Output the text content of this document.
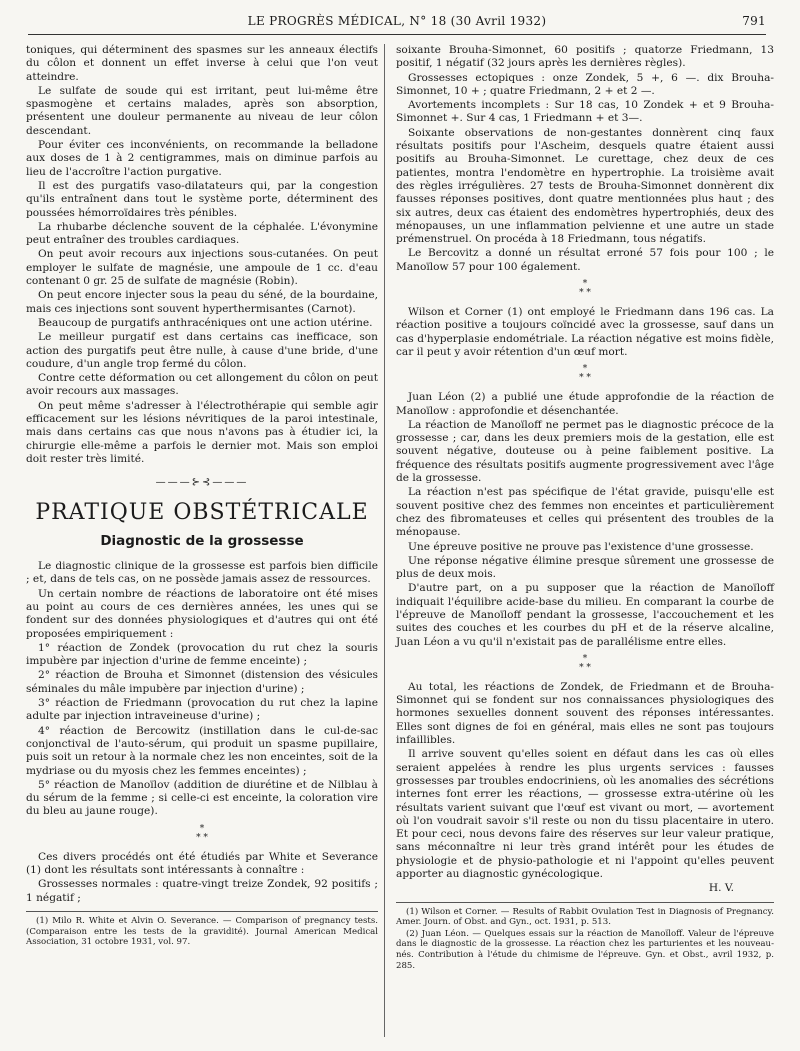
LE PROGRÈS MÉDICAL, N° 18 (30 Avril 1932)	791

toniques, qui déterminent des spasmes sur les anneaux électifs du côlon et donnent un effet inverse à celui que l'on veut atteindre.

Le sulfate de soude qui est irritant, peut lui-même être spasmogène et certains malades, après son absorption, présentent une douleur permanente au niveau de leur côlon descendant.

Pour éviter ces inconvénients, on recommande la belladone aux doses de 1 à 2 centigrammes, mais on diminue parfois au lieu de l'accroître l'action purgative.

Il est des purgatifs vaso-dilatateurs qui, par la congestion qu'ils entraînent dans tout le système porte, déterminent des poussées hémorroïdaires très pénibles.

La rhubarbe déclenche souvent de la céphalée. L'évonymine peut entraîner des troubles cardiaques.

On peut avoir recours aux injections sous-cutanées. On peut employer le sulfate de magnésie, une ampoule de 1 cc. d'eau contenant 0 gr. 25 de sulfate de magnésie (Robin).

On peut encore injecter sous la peau du séné, de la bourdaine, mais ces injections sont souvent hyperthermisantes (Carnot).

Beaucoup de purgatifs anthracéniques ont une action utérine.

Le meilleur purgatif est dans certains cas inefficace, son action des purgatifs peut être nulle, à cause d'une bride, d'une coudure, d'un angle trop fermé du côlon.

Contre cette déformation ou cet allongement du côlon on peut avoir recours aux massages.

On peut même s'adresser à l'électrothérapie qui semble agir efficacement sur les lésions névritiques de la paroi intestinale, mais dans certains cas que nous n'avons pas à étudier ici, la chirurgie elle-même a parfois le dernier mot. Mais son emploi doit rester très limité.

———⊱⊰———
PRATIQUE OBSTÉTRICALE
Diagnostic de la grossesse

Le diagnostic clinique de la grossesse est parfois bien difficile ; et, dans de tels cas, on ne possède jamais assez de ressources.

Un certain nombre de réactions de laboratoire ont été mises au point au cours de ces dernières années, les unes qui se fondent sur des données physiologiques et d'autres qui ont été proposées empiriquement :

1° réaction de Zondek (provocation du rut chez la souris impubère par injection d'urine de femme enceinte) ;

2° réaction de Brouha et Simonnet (distension des vésicules séminales du mâle impubère par injection d'urine) ;

3° réaction de Friedmann (provocation du rut chez la lapine adulte par injection intraveineuse d'urine) ;

4° réaction de Bercowitz (instillation dans le cul-de-sac conjonctival de l'auto-sérum, qui produit un spasme pupillaire, puis soit un retour à la normale chez les non enceintes, soit de la mydriase ou du myosis chez les femmes enceintes) ;

5° réaction de Manoïlov (addition de diurétine et de Nilblau à du sérum de la femme ; si celle-ci est enceinte, la coloration vire du bleu au jaune rouge).

*
* *

Ces divers procédés ont été étudiés par White et Severance (1) dont les résultats sont intéressants à connaître :

Grossesses normales : quatre-vingt treize Zondek, 92 positifs ; 1 négatif ;

(1) Milo R. White et Alvin O. Severance. — Comparison of pregnancy tests. (Comparaison entre les tests de la gravidité). Journal American Medical Association, 31 octobre 1931, vol. 97.

soixante Brouha-Simonnet, 60 positifs ; quatorze Friedmann, 13 positif, 1 négatif (32 jours après les dernières règles).

Grossesses ectopiques : onze Zondek, 5 +, 6 —. dix Brouha-Simonnet, 10 + ; quatre Friedmann, 2 + et 2 —.

Avortements incomplets : Sur 18 cas, 10 Zondek + et 9 Brouha-Simonnet +. Sur 4 cas, 1 Friedmann + et 3—.

Soixante observations de non-gestantes donnèrent cinq faux résultats positifs pour l'Ascheim, desquels quatre étaient aussi positifs au Brouha-Simonnet. Le curettage, chez deux de ces patientes, montra l'endomètre en hypertrophie. La troisième avait des règles irrégulières. 27 tests de Brouha-Simonnet donnèrent dix fausses réponses positives, dont quatre mentionnées plus haut ; des six autres, deux cas étaient des endomètres hypertrophiés, deux des ménopauses, un une inflammation pelvienne et une autre un stade prémenstruel. On procéda à 18 Friedmann, tous négatifs.

Le Bercovitz a donné un résultat erroné 57 fois pour 100 ; le Manoïlow 57 pour 100 également.

*
* *

Wilson et Corner (1) ont employé le Friedmann dans 196 cas. La réaction positive a toujours coïncidé avec la grossesse, sauf dans un cas d'hyperplasie endométriale. La réaction négative est moins fidèle, car il peut y avoir rétention d'un œuf mort.

*
* *

Juan Léon (2) a publié une étude approfondie de la réaction de Manoïlow : approfondie et désenchantée.

La réaction de Manoïloff ne permet pas le diagnostic précoce de la grossesse ; car, dans les deux premiers mois de la gestation, elle est souvent négative, douteuse ou à peine faiblement positive. La fréquence des résultats positifs augmente progressivement avec l'âge de la grossesse.

La réaction n'est pas spécifique de l'état gravide, puisqu'elle est souvent positive chez des femmes non enceintes et particulièrement chez des fibromateuses et celles qui présentent des troubles de la ménopause.

Une épreuve positive ne prouve pas l'existence d'une grossesse.

Une réponse négative élimine presque sûrement une grossesse de plus de deux mois.

D'autre part, on a pu supposer que la réaction de Manoïloff indiquait l'équilibre acide-base du milieu. En comparant la courbe de l'épreuve de Manoïloff pendant la grossesse, l'accouchement et les suites des couches et les courbes du pH et de la réserve alcaline, Juan Léon a vu qu'il n'existait pas de parallélisme entre elles.

*
* *

Au total, les réactions de Zondek, de Friedmann et de Brouha-Simonnet qui se fondent sur nos connaissances physiologiques des hormones sexuelles donnent souvent des réponses intéressantes. Elles sont dignes de foi en général, mais elles ne sont pas toujours infaillibles.

Il arrive souvent qu'elles soient en défaut dans les cas où elles seraient appelées à rendre les plus urgents services : fausses grossesses par troubles endocriniens, où les anomalies des sécrétions internes font errer les réactions, — grossesse extra-utérine où les résultats varient suivant que l'œuf est vivant ou mort, — avortement où l'on voudrait savoir s'il reste ou non du tissu placentaire in utero. Et pour ceci, nous devons faire des réserves sur leur valeur pratique, sans méconnaître ni leur très grand intérêt pour les études de physiologie et de physio-pathologie et ni l'appoint qu'elles peuvent apporter au diagnostic gynécologique.

H. V.

(1) Wilson et Corner. — Results of Rabbit Ovulation Test in Diagnosis of Pregnancy. Amer. Journ. of Obst. and Gyn., oct. 1931, p. 513.

(2) Juan Léon. — Quelques essais sur la réaction de Manoïloff. Valeur de l'épreuve dans le diagnostic de la grossesse. La réaction chez les parturientes et les nouveau-nés. Contribution à l'étude du chimisme de l'épreuve. Gyn. et Obst., avril 1932, p. 285.
